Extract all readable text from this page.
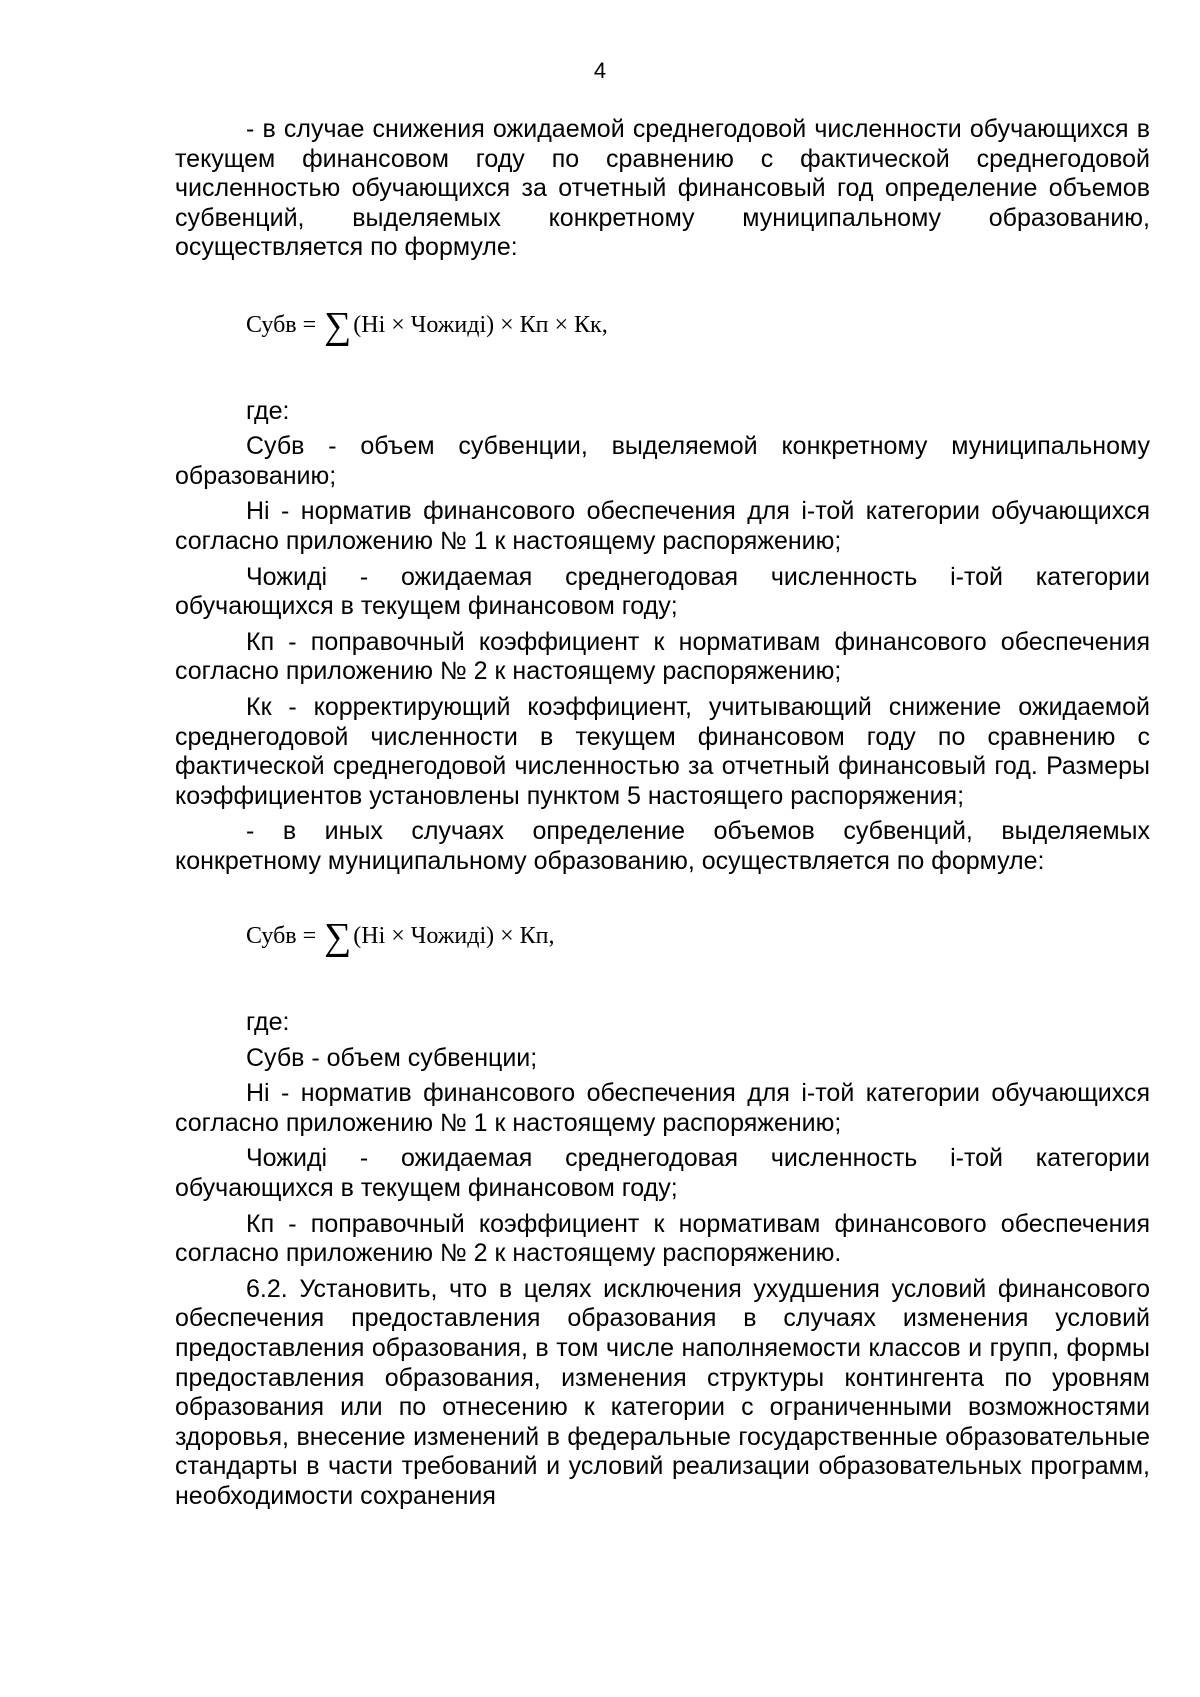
4

- в случае снижения ожидаемой среднегодовой численности обучающихся в текущем финансовом году по сравнению с фактической среднегодовой численностью обучающихся за отчетный финансовый год определение объемов субвенций, выделяемых конкретному муниципальному образованию, осуществляется по формуле:

Субв = ∑(Ні × Чожиді) × Кп × Кк,

где:

Субв - объем субвенции, выделяемой конкретному муниципальному образованию;

Ні - норматив финансового обеспечения для і-той категории обучающихся согласно приложению № 1 к настоящему распоряжению;

Чожиді - ожидаемая среднегодовая численность і-той категории обучающихся в текущем финансовом году;

Кп - поправочный коэффициент к нормативам финансового обеспечения согласно приложению № 2 к настоящему распоряжению;

Кк - корректирующий коэффициент, учитывающий снижение ожидаемой среднегодовой численности в текущем финансовом году по сравнению с фактической среднегодовой численностью за отчетный финансовый год. Размеры коэффициентов установлены пунктом 5 настоящего распоряжения;

- в иных случаях определение объемов субвенций, выделяемых конкретному муниципальному образованию, осуществляется по формуле:

Субв = ∑(Ні × Чожиді) × Кп,

где:

Субв - объем субвенции;

Ні - норматив финансового обеспечения для і-той категории обучающихся согласно приложению № 1 к настоящему распоряжению;

Чожиді - ожидаемая среднегодовая численность і-той категории обучающихся в текущем финансовом году;

Кп - поправочный коэффициент к нормативам финансового обеспечения согласно приложению № 2 к настоящему распоряжению.

6.2. Установить, что в целях исключения ухудшения условий финансового обеспечения предоставления образования в случаях изменения условий предоставления образования, в том числе наполняемости классов и групп, формы предоставления образования, изменения структуры контингента по уровням образования или по отнесению к категории с ограниченными возможностями здоровья, внесение изменений в федеральные государственные образовательные стандарты в части требований и условий реализации образовательных программ, необходимости сохранения
